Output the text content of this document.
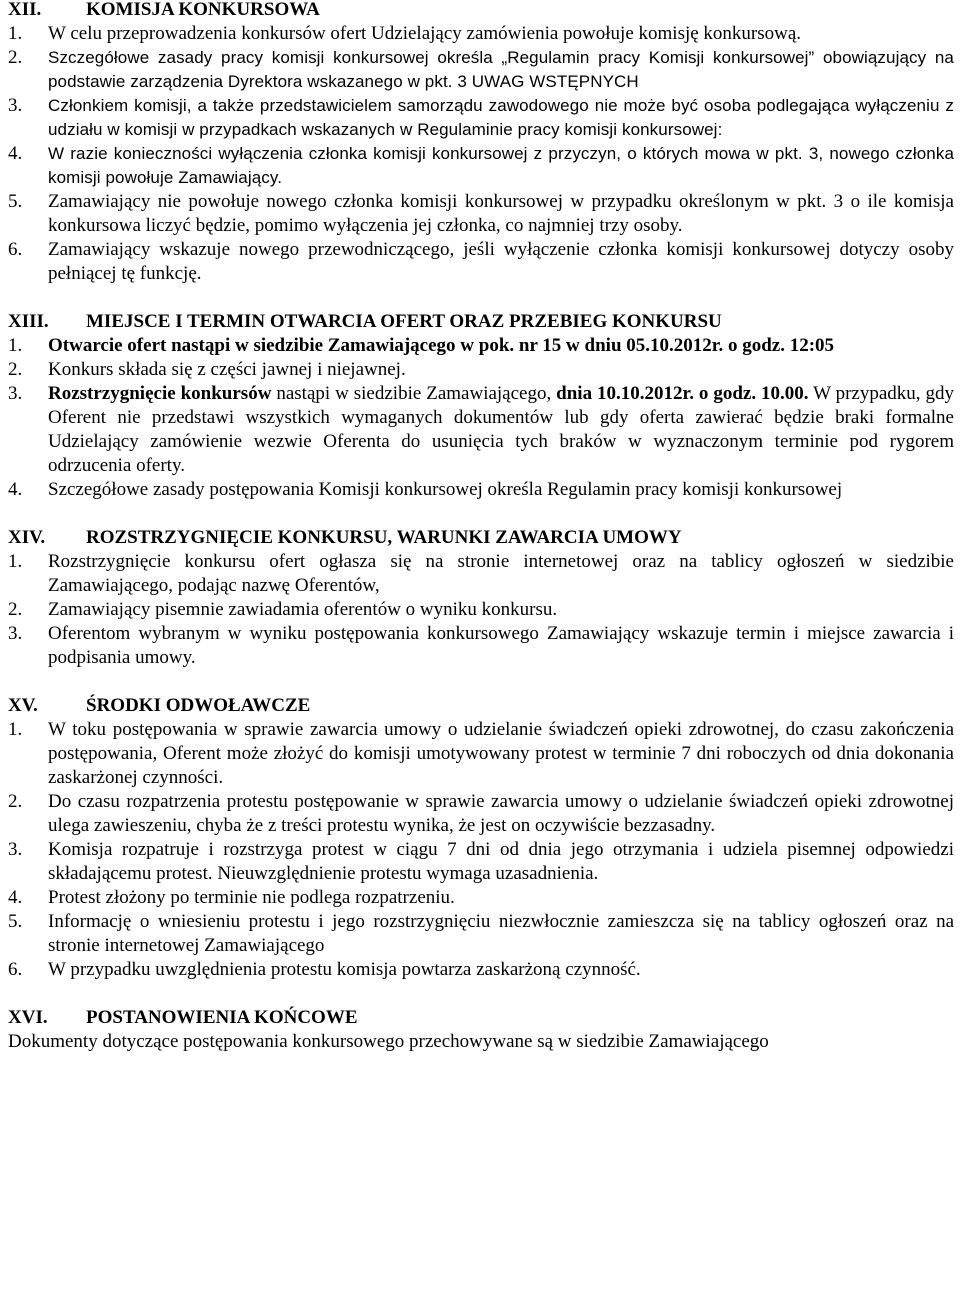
XII.	KOMISJA KONKURSOWA
1.	W celu przeprowadzenia konkursów ofert Udzielający zamówienia powołuje komisję konkursową.
2.	Szczegółowe zasady pracy komisji konkursowej określa „Regulamin pracy Komisji konkursowej” obowiązujący na podstawie zarządzenia Dyrektora wskazanego w pkt. 3 UWAG WSTĘPNYCH
3.	Członkiem komisji, a także przedstawicielem samorządu zawodowego nie może być osoba podlegająca wyłączeniu z udziału w komisji w przypadkach wskazanych w Regulaminie pracy komisji konkursowej:
4.	W razie konieczności wyłączenia członka komisji konkursowej z przyczyn, o których mowa w pkt. 3, nowego członka komisji powołuje Zamawiający.
5.	Zamawiający nie powołuje nowego członka komisji konkursowej w przypadku określonym w pkt. 3 o ile komisja konkursowa liczyć będzie, pomimo wyłączenia jej członka, co najmniej trzy osoby.
6.	Zamawiający wskazuje nowego przewodniczącego, jeśli wyłączenie członka komisji konkursowej dotyczy osoby pełniącej tę funkcję.
XIII.	MIEJSCE I TERMIN OTWARCIA OFERT ORAZ PRZEBIEG KONKURSU
1.	Otwarcie ofert nastąpi w siedzibie Zamawiającego w pok. nr 15 w dniu 05.10.2012r. o godz. 12:05
2.	Konkurs składa się z części jawnej i niejawnej.
3.	Rozstrzygnięcie konkursów nastąpi w siedzibie Zamawiającego, dnia 10.10.2012r. o godz. 10.00. W przypadku, gdy Oferent nie przedstawi wszystkich wymaganych dokumentów lub gdy oferta zawierać będzie braki formalne Udzielający zamówienie wezwie Oferenta do usunięcia tych braków w wyznaczonym terminie pod rygorem odrzucenia oferty.
4.	Szczegółowe zasady postępowania Komisji konkursowej określa Regulamin pracy komisji konkursowej
XIV.	ROZSTRZYGNIĘCIE KONKURSU, WARUNKI ZAWARCIA UMOWY
1.	Rozstrzygnięcie konkursu ofert ogłasza się na stronie internetowej oraz na tablicy ogłoszeń w siedzibie Zamawiającego, podając nazwę Oferentów,
2.	Zamawiający pisemnie zawiadamia oferentów o wyniku konkursu.
3.	Oferentom wybranym w wyniku postępowania konkursowego Zamawiający wskazuje termin i miejsce zawarcia i podpisania umowy.
XV.	ŚRODKI ODWOŁAWCZE
1.	W toku postępowania w sprawie zawarcia umowy o udzielanie świadczeń opieki zdrowotnej, do czasu zakończenia postępowania, Oferent może złożyć do komisji umotywowany protest w terminie 7 dni roboczych od dnia dokonania zaskarżonej czynności.
2.	Do czasu rozpatrzenia protestu postępowanie w sprawie zawarcia umowy o udzielanie świadczeń opieki zdrowotnej ulega zawieszeniu, chyba że z treści protestu wynika, że jest on oczywiście bezzasadny.
3.	Komisja rozpatruje i rozstrzyga protest w ciągu 7 dni od dnia jego otrzymania i udziela pisemnej odpowiedzi składającemu protest. Nieuwzględnienie protestu wymaga uzasadnienia.
4.	Protest złożony po terminie nie podlega rozpatrzeniu.
5.	Informację o wniesieniu protestu i jego rozstrzygnięciu niezwłocznie zamieszcza się na tablicy ogłoszeń oraz na stronie internetowej Zamawiającego
6.	W przypadku uwzględnienia protestu komisja powtarza zaskarżoną czynność.
XVI.	POSTANOWIENIA KOŃCOWE
Dokumenty dotyczące postępowania konkursowego przechowywane są w siedzibie Zamawiającego
